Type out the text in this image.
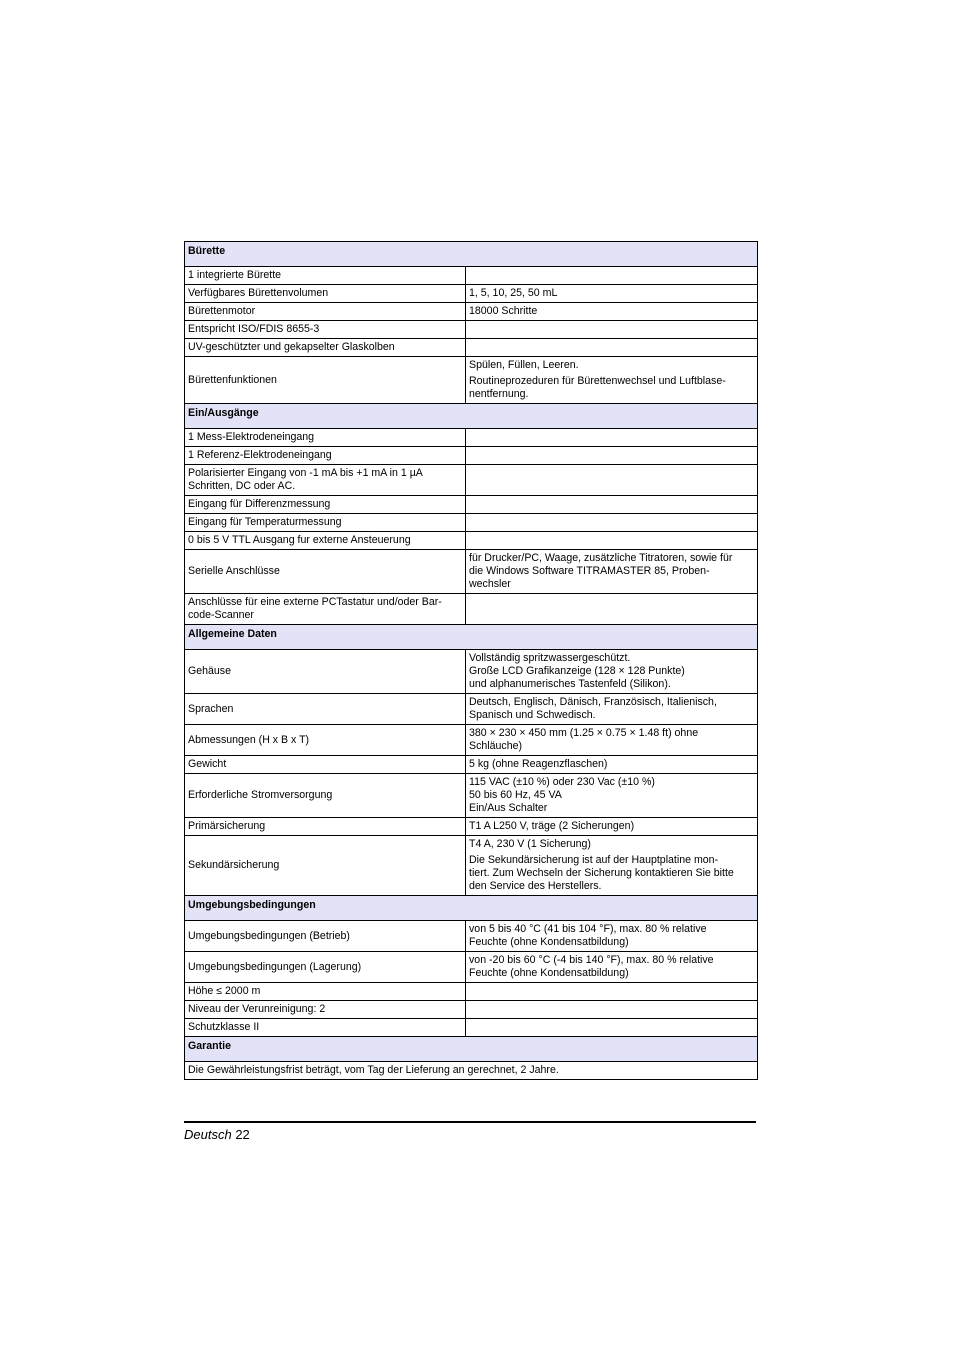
Bürette	
1 integrierte Bürette	
Verfügbares Bürettenvolumen	1, 5, 10, 25, 50 mL

Bürettenmotor	18000 Schritte

Entspricht ISO/FDIS 8655-3	
UV-geschützter und gekapselter Glaskolben	
Bürettenfunktionen	Spülen, Füllen, Leeren.
Routineprozeduren für Bürettenwechsel und Luftblase-
nentfernung.

Ein/Ausgänge	
1 Mess-Elektrodeneingang	
1 Referenz-Elektrodeneingang	

Polarisierter Eingang von -1 mA bis +1 mA in 1 µA
Schritten, DC oder AC.	

Eingang für Differenzmessung	
Eingang für Temperaturmessung	
0 bis 5 V TTL Ausgang fur externe Ansteuerung	
Serielle Anschlüsse	für Drucker/PC, Waage, zusätzliche Titratoren, sowie für
die Windows Software TITRAMASTER 85, Proben-
wechsler

Anschlüsse für eine externe PCTastatur und/oder Bar-
code-Scanner	

Allgemeine Daten	
Gehäuse	Vollständig spritzwassergeschützt.
Große LCD Grafikanzeige (128 × 128 Punkte)
und alphanumerisches Tastenfeld (Silikon).

Sprachen	Deutsch, Englisch, Dänisch, Französisch, Italienisch,
Spanisch und Schwedisch.

Abmessungen (H x B x T)	380 × 230 × 450 mm (1.25 × 0.75 × 1.48 ft) ohne
Schläuche)

Gewicht	5 kg (ohne Reagenzflaschen)

Erforderliche Stromversorgung	115 VAC (±10 %) oder 230 Vac (±10 %)
50 bis 60 Hz, 45 VA
Ein/Aus Schalter

Primärsicherung	T1 A L250 V, träge (2 Sicherungen)

Sekundärsicherung	T4 A, 230 V (1 Sicherung)
Die Sekundärsicherung ist auf der Hauptplatine mon-
tiert. Zum Wechseln der Sicherung kontaktieren Sie bitte
den Service des Herstellers.

Umgebungsbedingungen	
Umgebungsbedingungen (Betrieb)	von 5 bis 40 °C (41 bis 104 °F), max. 80 % relative
Feuchte (ohne Kondensatbildung)

Umgebungsbedingungen (Lagerung)	von -20 bis 60 °C (-4 bis 140 °F), max. 80 % relative
Feuchte (ohne Kondensatbildung)

Höhe ≤ 2000 m	
Niveau der Verunreinigung: 2	
Schutzklasse II	
Garantie	
Die Gewährleistungsfrist beträgt, vom Tag der Lieferung an gerechnet, 2 Jahre.	
Deutsch 22
